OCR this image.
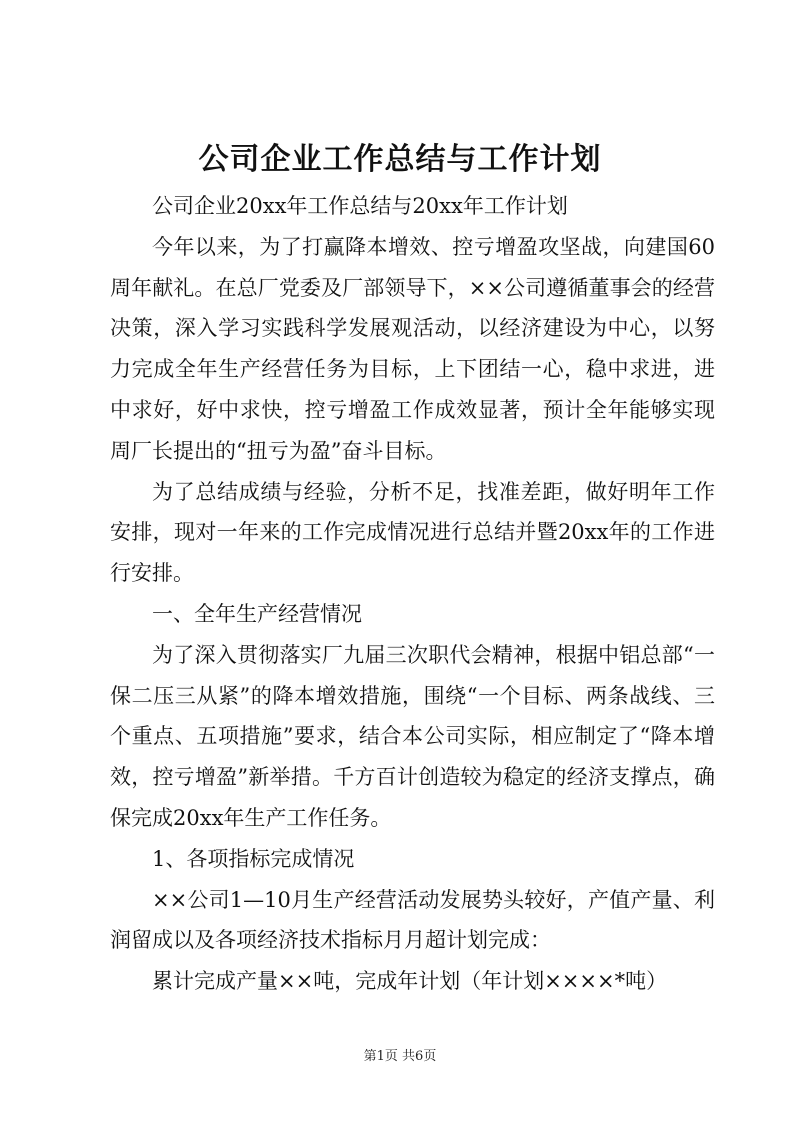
公司企业工作总结与工作计划

公司企业20xx年工作总结与20xx年工作计划

今年以来，为了打赢降本增效、控亏增盈攻坚战，向建国60周年献礼。在总厂党委及厂部领导下，××公司遵循董事会的经营决策，深入学习实践科学发展观活动，以经济建设为中心，以努力完成全年生产经营任务为目标，上下团结一心，稳中求进，进中求好，好中求快，控亏增盈工作成效显著，预计全年能够实现周厂长提出的“扭亏为盈”奋斗目标。

为了总结成绩与经验，分析不足，找准差距，做好明年工作安排，现对一年来的工作完成情况进行总结并暨20xx年的工作进行安排。

一、全年生产经营情况

为了深入贯彻落实厂九届三次职代会精神，根据中铝总部“一保二压三从紧”的降本增效措施，围绕“一个目标、两条战线、三个重点、五项措施”要求，结合本公司实际，相应制定了“降本增效，控亏增盈”新举措。千方百计创造较为稳定的经济支撑点，确保完成20xx年生产工作任务。

1、各项指标完成情况

××公司1—10月生产经营活动发展势头较好，产值产量、利润留成以及各项经济技术指标月月超计划完成：

累计完成产量××吨，完成年计划（年计划××××*吨）

第1页 共6页
